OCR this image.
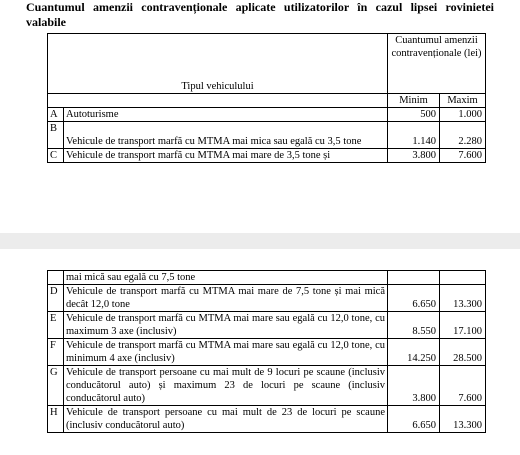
Cuantumul amenzii contravenționale aplicate utilizatorilor în cazul lipsei rovinietei valabile
Tipul vehiculului		Cuantumul amenzii contravenționale (lei)	
		Minim	Maxim
A	Autoturisme	500	1.000
B	Vehicule de transport marfă cu MTMA mai mica sau egală cu 3,5 tone	1.140	2.280
C	Vehicule de transport marfă cu MTMA mai mare de 3,5 tone și	3.800	7.600
	mai mică sau egală cu 7,5 tone		
D	Vehicule de transport marfă cu MTMA mai mare de 7,5 tone și mai mică decât 12,0 tone	6.650	13.300
E	Vehicule de transport marfă cu MTMA mai mare sau egală cu 12,0 tone, cu maximum 3 axe (inclusiv)	8.550	17.100
F	Vehicule de transport marfă cu MTMA mai mare sau egală cu 12,0 tone, cu minimum 4 axe (inclusiv)	14.250	28.500
G	Vehicule de transport persoane cu mai mult de 9 locuri pe scaune (inclusiv conducătorul auto) și maximum 23 de locuri pe scaune (inclusiv conducătorul auto)	3.800	7.600
H	Vehicule de transport persoane cu mai mult de 23 de locuri pe scaune (inclusiv conducătorul auto)	6.650	13.300
